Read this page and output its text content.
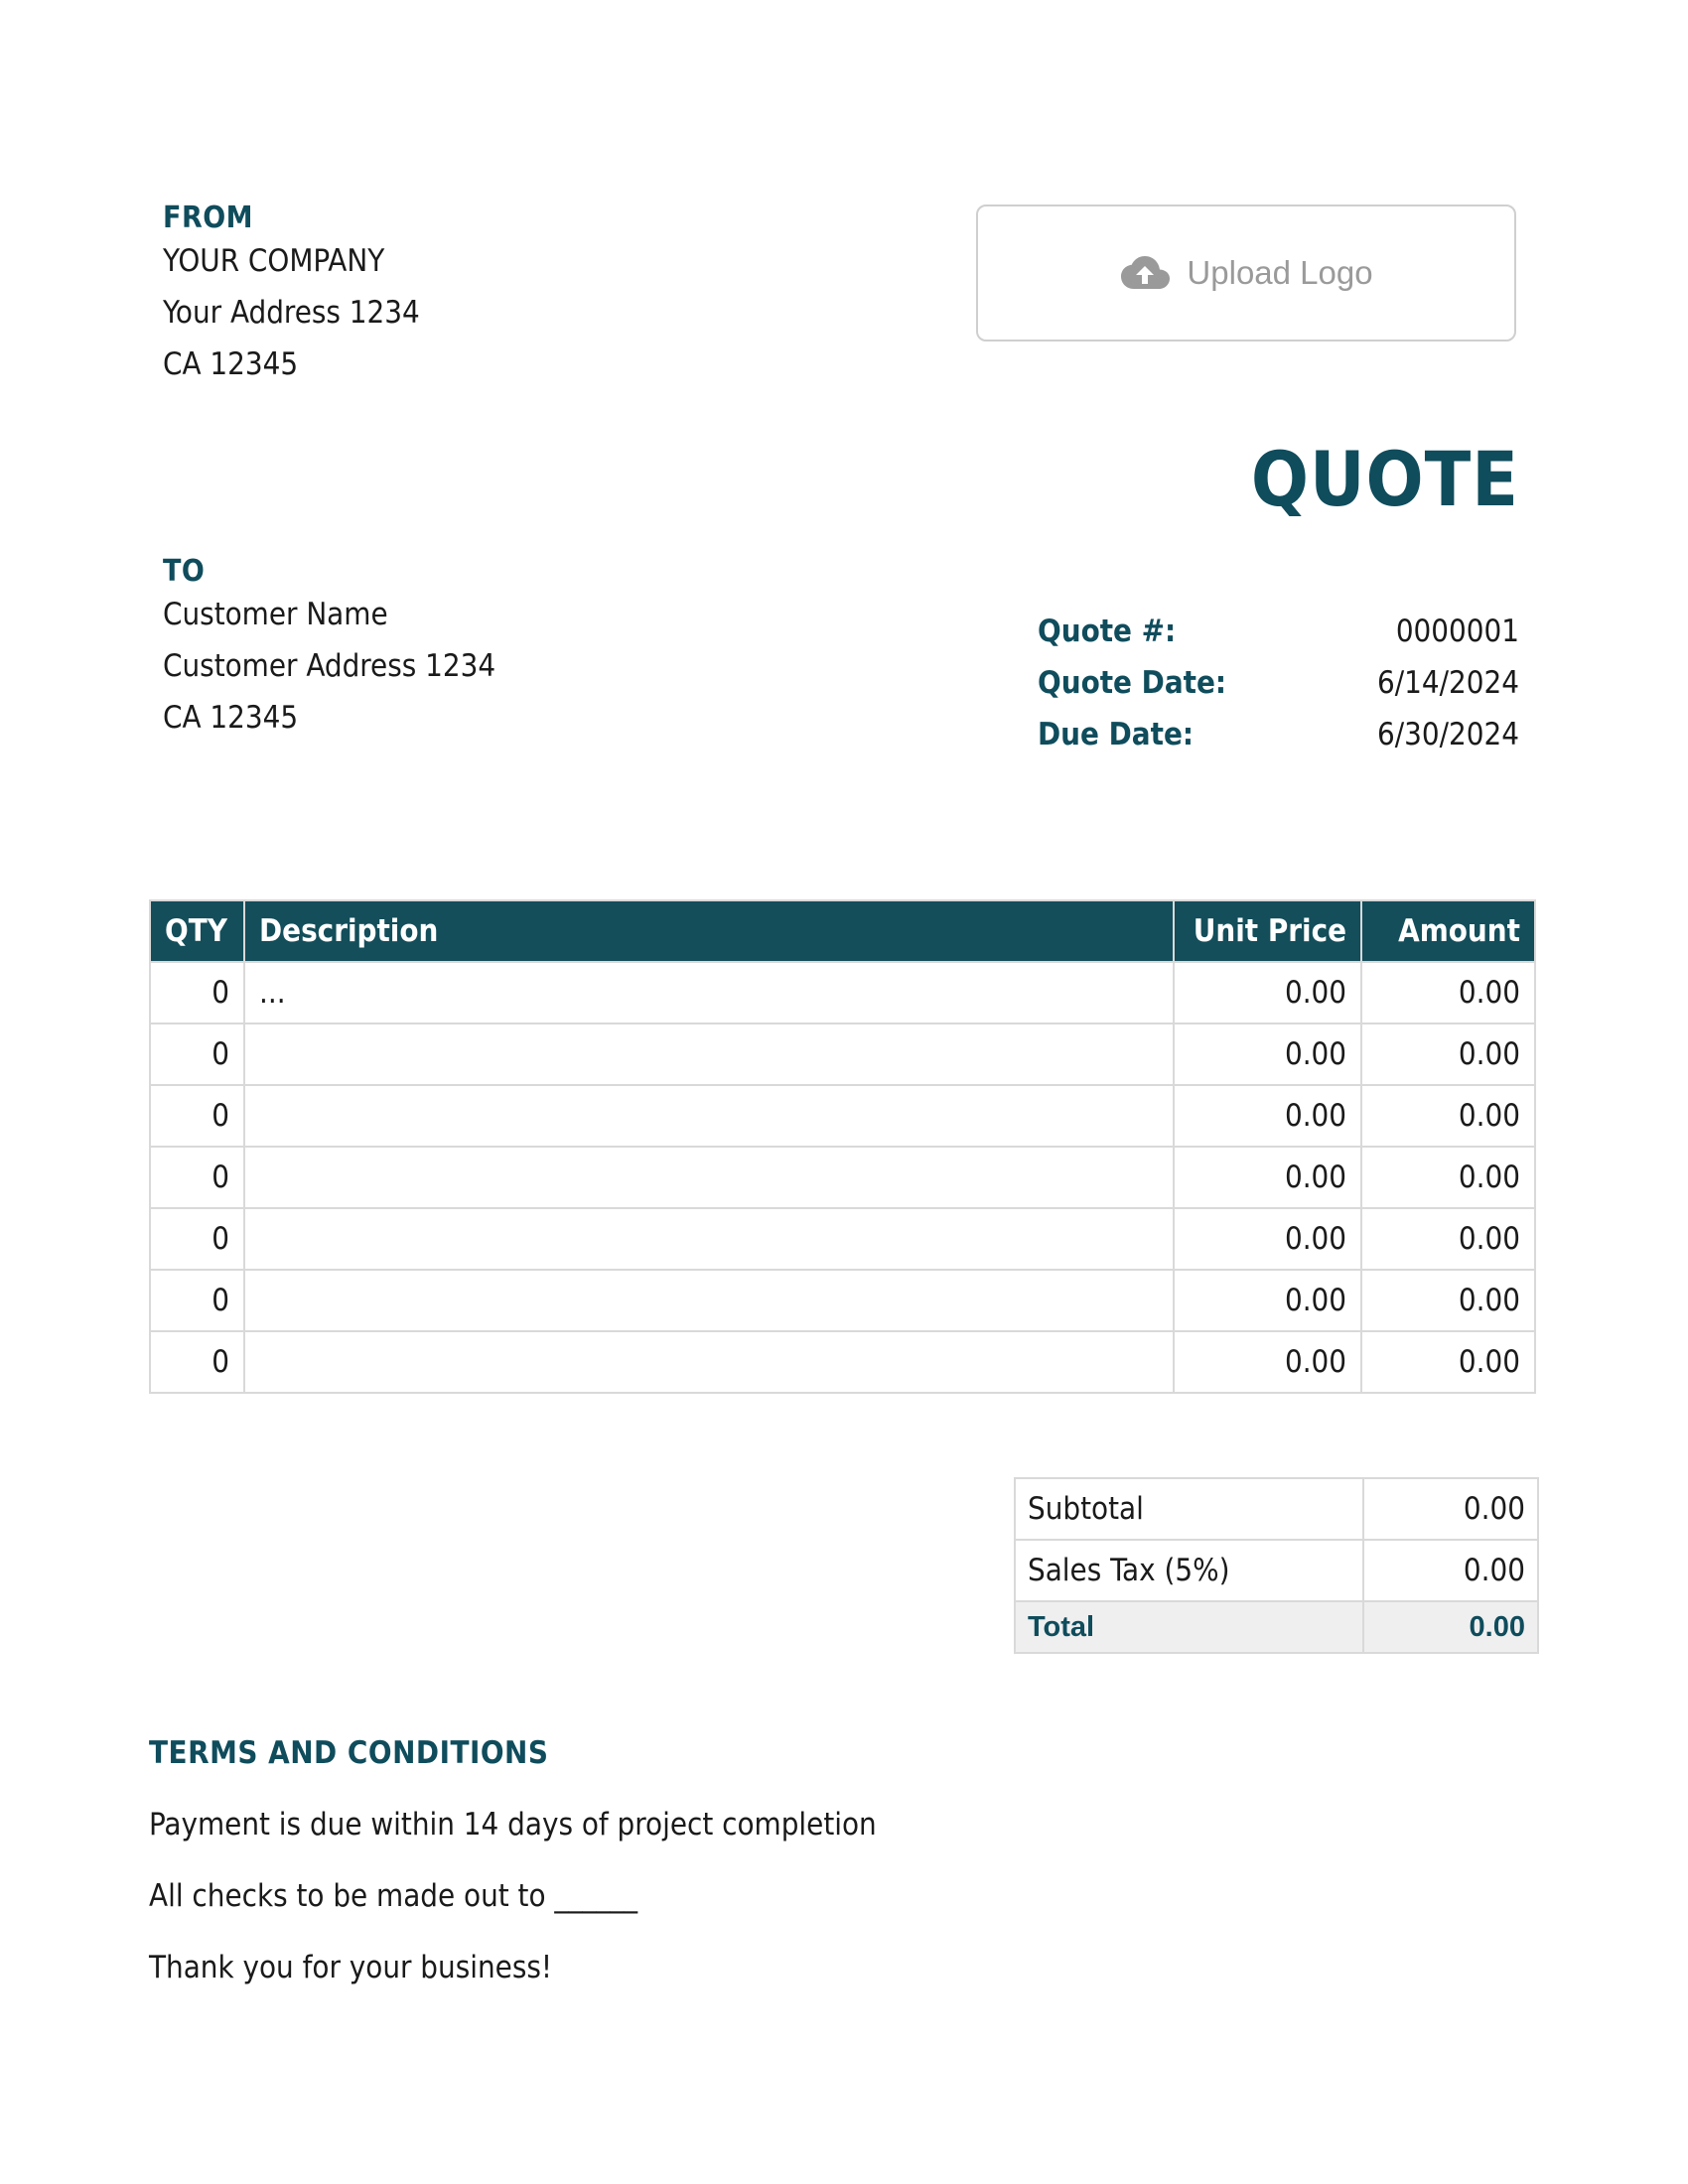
FROM
YOUR COMPANY
Your Address 1234
CA 12345
Upload Logo
QUOTE
TO
Customer Name
Customer Address 1234
CA 12345
Quote #:	0000001
Quote Date:	6/14/2024
Due Date:	6/30/2024
QTY	Description	Unit Price	Amount
0	...	0.00	0.00
0		0.00	0.00
0		0.00	0.00
0		0.00	0.00
0		0.00	0.00
0		0.00	0.00
0		0.00	0.00
Subtotal	0.00
Sales Tax (5%)	0.00
Total	0.00
TERMS AND CONDITIONS
Payment is due within 14 days of project completion
All checks to be made out to ______
Thank you for your business!
